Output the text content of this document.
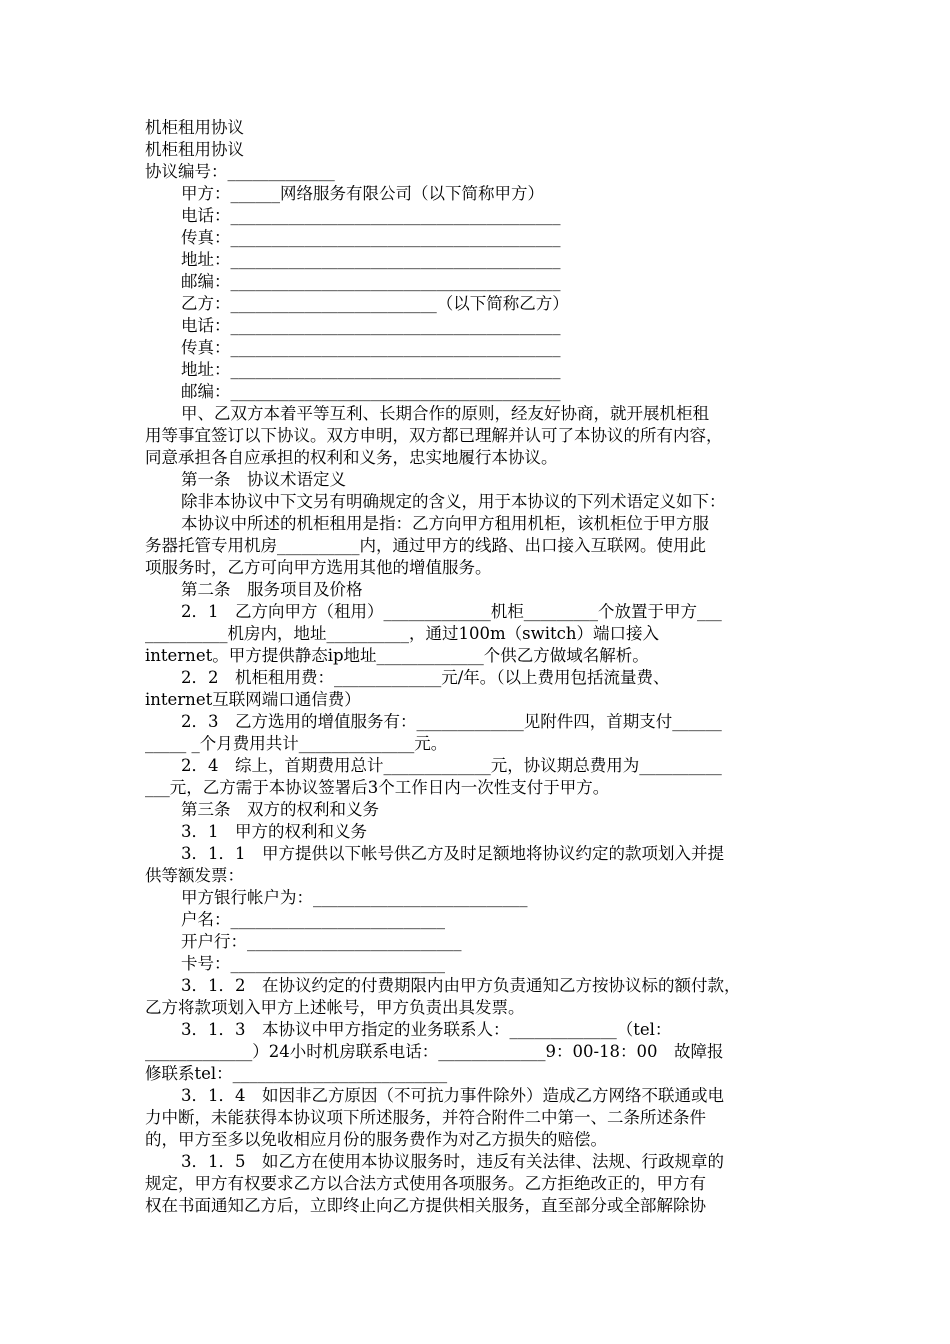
机柜租用协议
机柜租用协议
协议编号：_____________
甲方：______网络服务有限公司（以下简称甲方）
电话：________________________________________
传真：________________________________________
地址：________________________________________
邮编：________________________________________
乙方：_________________________（以下简称乙方）
电话：________________________________________
传真：________________________________________
地址：________________________________________
邮编：________________________________________
甲、乙双方本着平等互利、长期合作的原则，经友好协商，就开展机柜租
用等事宜签订以下协议。双方申明，双方都已理解并认可了本协议的所有内容，
同意承担各自应承担的权利和义务，忠实地履行本协议。
第一条　协议术语定义
除非本协议中下文另有明确规定的含义，用于本协议的下列术语定义如下：
本协议中所述的机柜租用是指：乙方向甲方租用机柜，该机柜位于甲方服
务器托管专用机房__________内，通过甲方的线路、出口接入互联网。使用此
项服务时，乙方可向甲方选用其他的增值服务。
第二条　服务项目及价格
2．1　乙方向甲方（租用）_____________机柜_________个放置于甲方___
__________机房内，地址__________，通过100m（switch）端口接入
internet。甲方提供静态ip地址_____________个供乙方做域名解析。
2．2　机柜租用费：_____________元/年。（以上费用包括流量费、
internet互联网端口通信费）
2．3　乙方选用的增值服务有：_____________见附件四，首期支付______
_____ _个月费用共计______________元。
2．4　综上，首期费用总计_____________元，协议期总费用为__________
___元，乙方需于本协议签署后3个工作日内一次性支付于甲方。
第三条　双方的权利和义务
3．1　甲方的权利和义务
3．1．1　甲方提供以下帐号供乙方及时足额地将协议约定的款项划入并提
供等额发票：
甲方银行帐户为：__________________________
户名：__________________________
开户行：__________________________
卡号：__________________________
3．1．2　在协议约定的付费期限内由甲方负责通知乙方按协议标的额付款，
乙方将款项划入甲方上述帐号，甲方负责出具发票。
3．1．3　本协议中甲方指定的业务联系人：_____________（tel：
_____________）24小时机房联系电话：_____________9：00-18：00　故障报
修联系tel：__________________________
3．1．4　如因非乙方原因（不可抗力事件除外）造成乙方网络不联通或电
力中断，未能获得本协议项下所述服务，并符合附件二中第一、二条所述条件
的，甲方至多以免收相应月份的服务费作为对乙方损失的赔偿。
3．1．5　如乙方在使用本协议服务时，违反有关法律、法规、行政规章的
规定，甲方有权要求乙方以合法方式使用各项服务。乙方拒绝改正的，甲方有
权在书面通知乙方后，立即终止向乙方提供相关服务，直至部分或全部解除协
